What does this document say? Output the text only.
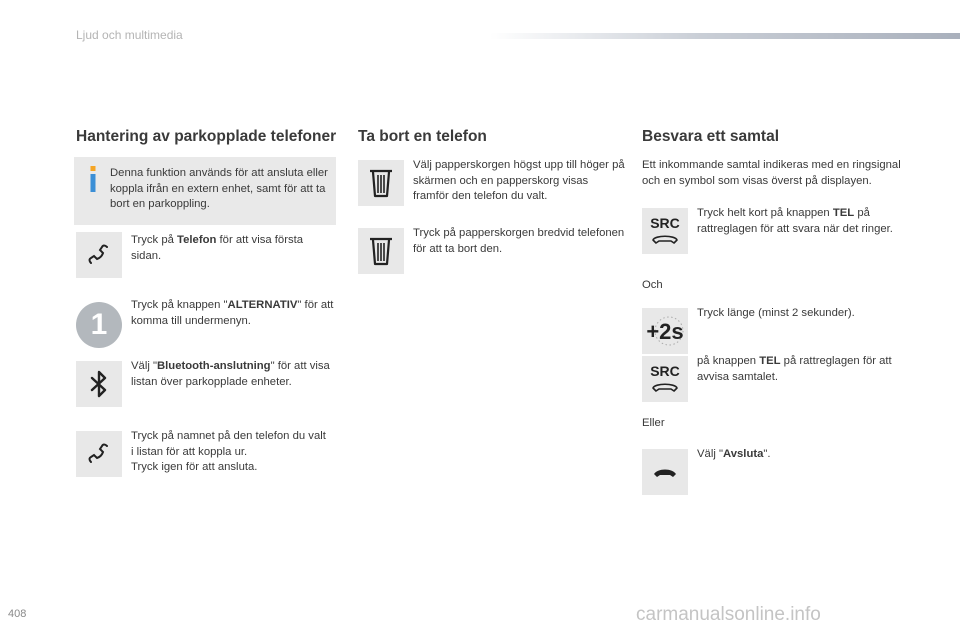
Ljud och multimedia
Hantering av parkopplade telefoner
Denna funktion används för att ansluta eller koppla ifrån en extern enhet, samt för att ta bort en parkoppling.
Tryck på Telefon för att visa första sidan.
1
Tryck på knappen "ALTERNATIV" för att komma till undermenyn.
Välj "Bluetooth-anslutning" för att visa listan över parkopplade enheter.
Tryck på namnet på den telefon du valt i listan för att koppla ur.
Tryck igen för att ansluta.
Ta bort en telefon
Välj papperskorgen högst upp till höger på skärmen och en papperskorg visas framför den telefon du valt.
Tryck på papperskorgen bredvid telefonen för att ta bort den.
Besvara ett samtal
Ett inkommande samtal indikeras med en ringsignal och en symbol som visas överst på displayen.
SRC
Tryck helt kort på knappen TEL på rattreglagen för att svara när det ringer.
Och
+2s
Tryck länge (minst 2 sekunder).
SRC
på knappen TEL på rattreglagen för att avvisa samtalet.
Eller
Välj "Avsluta".
408	carmanualsonline.info
